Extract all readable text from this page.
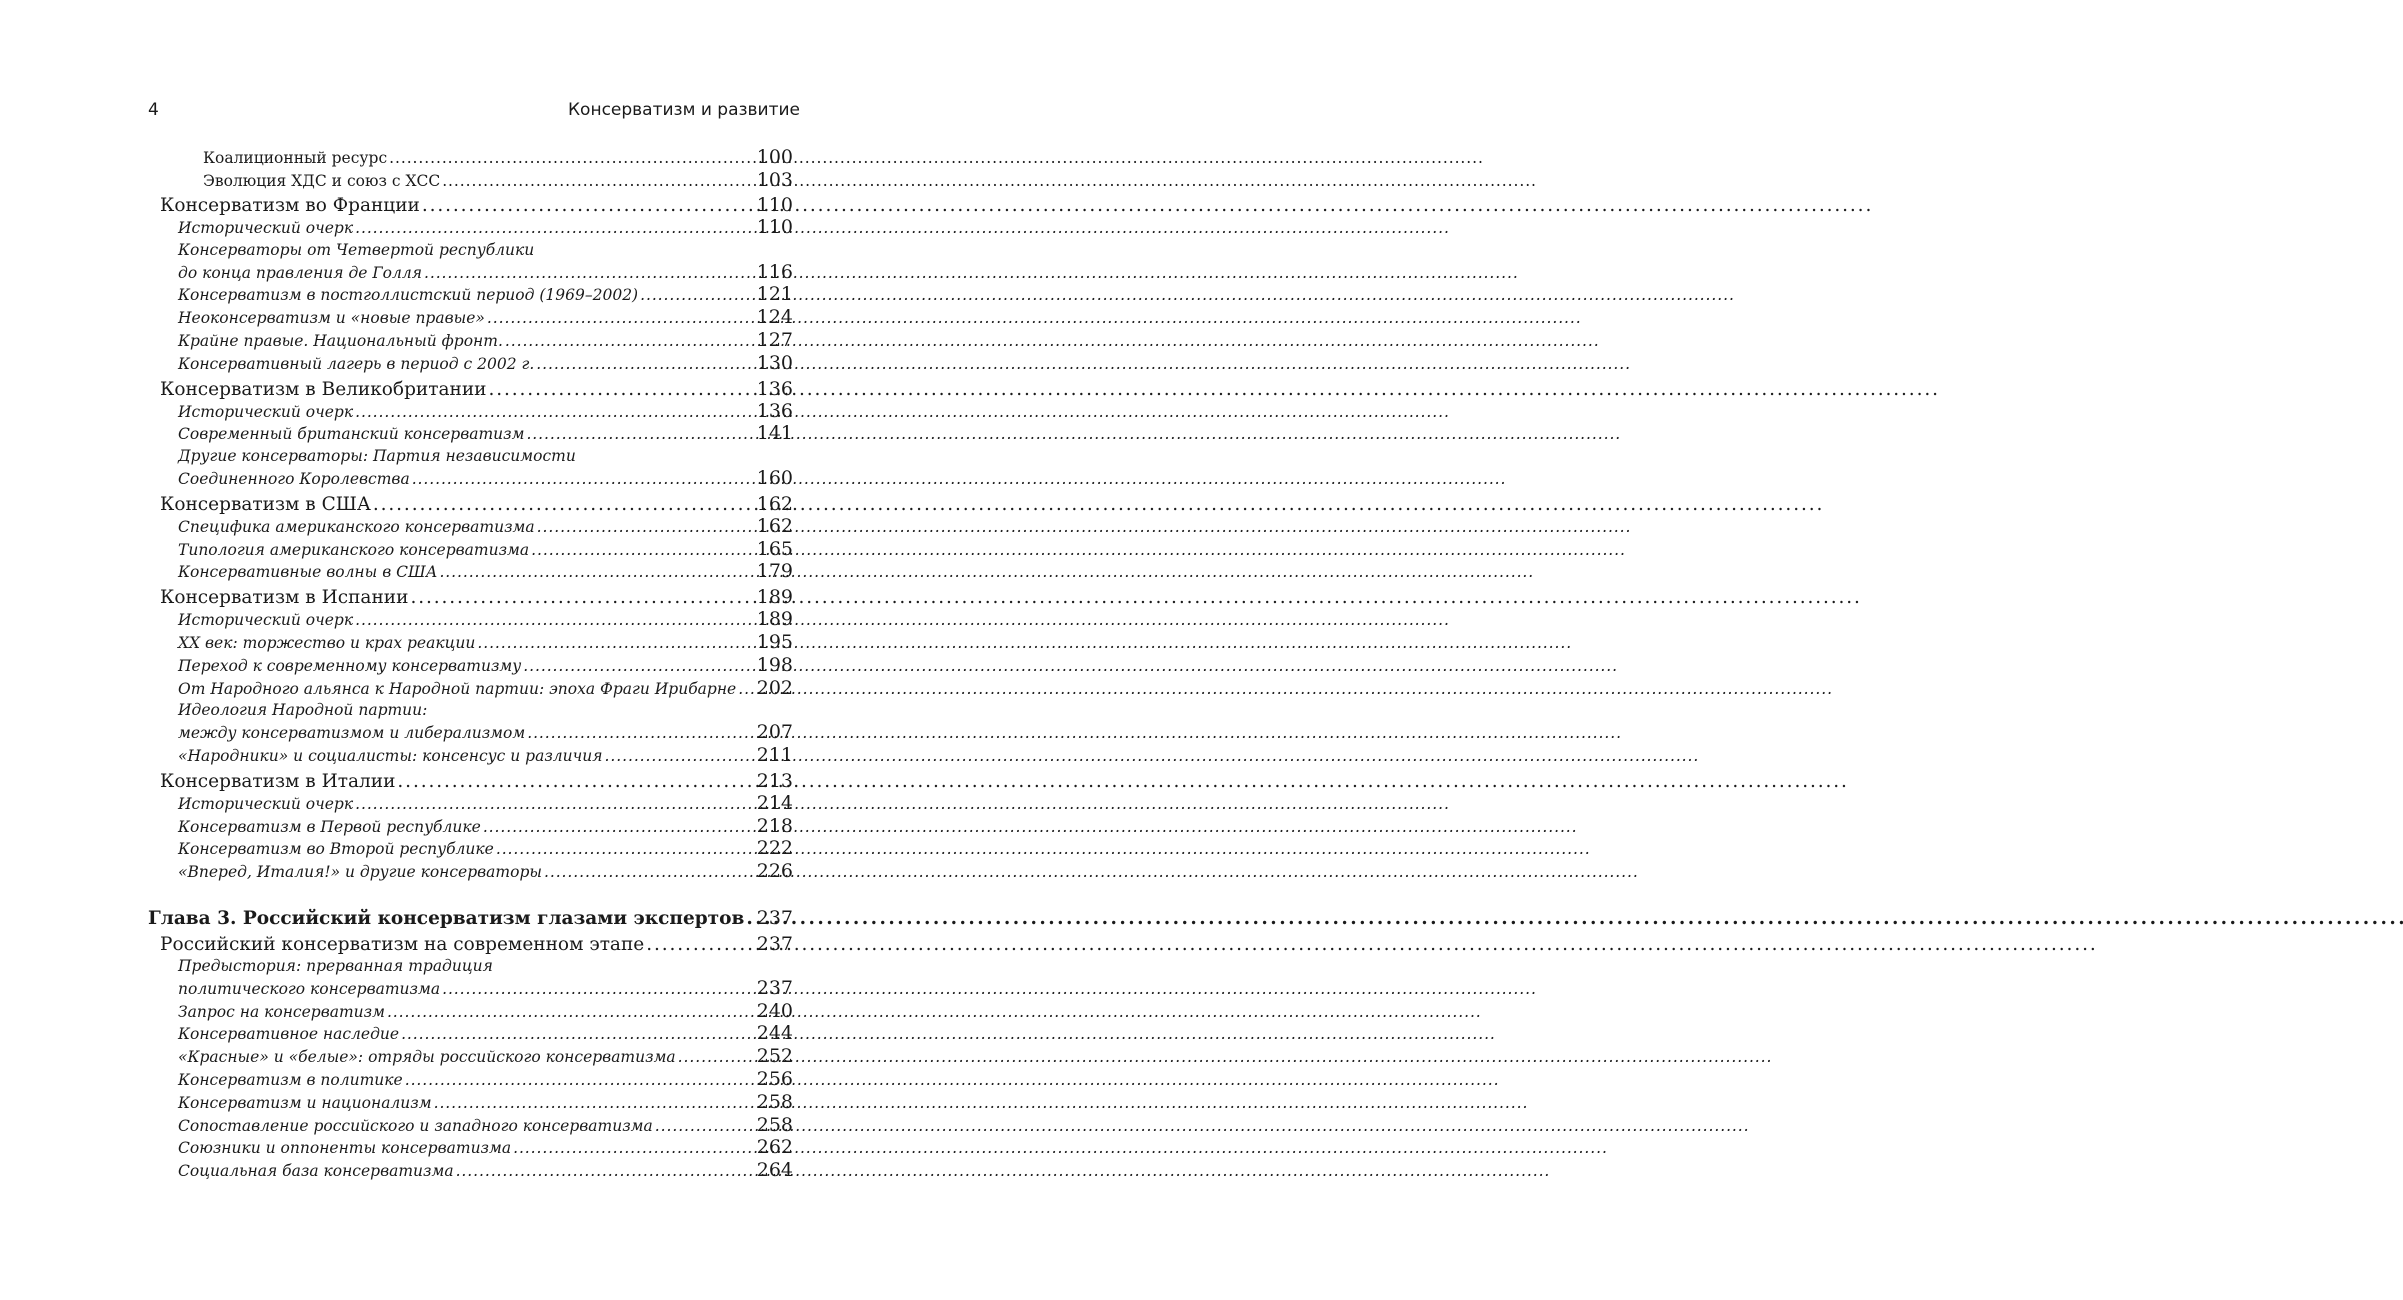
4	Консерватизм и развитие
Коалиционный ресурс . . .	100
Эволюция ХДС и союз с ХСС . . .	103
Консерватизм во Франции . . .	110
Исторический очерк . . .	110
Консерваторы от Четвертой республики
до конца правления де Голля . . .	116
Консерватизм в постголлистский период (1969–2002) . . .	121
Неоконсерватизм и «новые правые» . . .	124
Крайне правые. Национальный фронт. . . .	127
Консервативный лагерь в период с 2002 г. . . .	130
Консерватизм в Великобритании . . .	136
Исторический очерк . . .	136
Современный британский консерватизм . . .	141
Другие консерваторы: Партия независимости
Соединенного Королевства . . .	160
Консерватизм в США . . .	162
Специфика американского консерватизма . . .	162
Типология американского консерватизма . . .	165
Консервативные волны в США . . .	179
Консерватизм в Испании . . .	189
Исторический очерк . . .	189
ХХ век: торжество и крах реакции . . .	195
Переход к современному консерватизму . . .	198
От Народного альянса к Народной партии: эпоха Фраги Ирибарне . . . 202
Идеология Народной партии:
между консерватизмом и либерализмом . . .	207
«Народники» и социалисты: консенсус и различия . . .	211
Консерватизм в Италии . . .	213
Исторический очерк . . .	214
Консерватизм в Первой республике . . .	218
Консерватизм во Второй республике . . .	222
«Вперед, Италия!» и другие консерваторы . . .	226
Глава 3. Российский консерватизм глазами экспертов . . . 237
Российский консерватизм на современном этапе . . .	237
Предыстория: прерванная традиция
политического консерватизма . . .	237
Запрос на консерватизм . . .	240
Консервативное наследие . . .	244
«Красные» и «белые»: отряды российского консерватизма . . .	252
Консерватизм в политике . . .	256
Консерватизм и национализм . . .	258
Сопоставление российского и западного консерватизма . . .	258
Союзники и оппоненты консерватизма . . .	262
Социальная база консерватизма . . .	264
